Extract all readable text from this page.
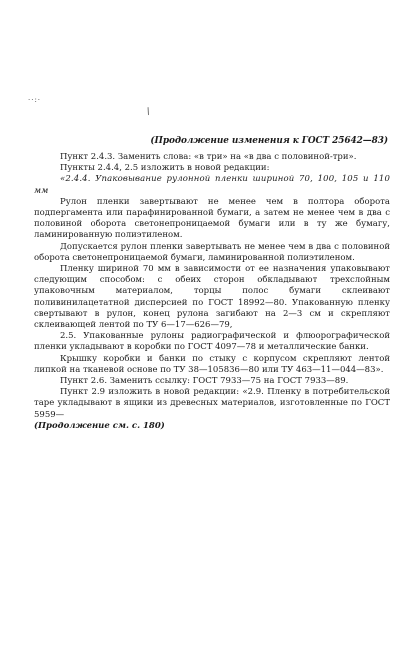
··:·
/
(Продолжение изменения к ГОСТ 25642—83)

Пункт 2.4.3. Заменить слова: «в три» на «в два с половиной-три».

Пункты 2.4.4, 2.5 изложить в новой редакции:

«2.4.4. Упаковывание рулонной пленки шириной 70, 100, 105 и 110 мм

Рулон пленки завертывают не менее чем в полтора оборота подпергамента или парафинированной бумаги, а затем не менее чем в два с половиной оборота светонепроницаемой бумаги или в ту же бумагу, ламинированную полиэтиленом.

Допускается рулон пленки завертывать не менее чем в два с половиной оборота светонепроницаемой бумаги, ламинированной полиэтиленом.

Пленку шириной 70 мм в зависимости от ее назначения упаковывают следующим способом: с обеих сторон обкладывают трехслойным упаковочным материалом, торцы полос бумаги склеивают поливинилацетатной дисперсией по ГОСТ 18992—80. Упакованную пленку свертывают в рулон, конец рулона загибают на 2—3 см и скрепляют склеивающей лентой по ТУ 6—17—626—79,

2.5. Упакованные рулоны радиографической и флюорографической пленки укладывают в коробки по ГОСТ 4097—78 и металлические банки.

Крышку коробки и банки по стыку с корпусом скрепляют лентой липкой на тканевой основе по ТУ 38—105836—80 или ТУ 463—11—044—83».

Пункт 2.6. Заменить ссылку: ГОСТ 7933—75 на ГОСТ 7933—89.

Пункт 2.9 изложить в новой редакции: «2.9. Пленку в потребительской таре укладывают в ящики из древесных материалов, изготовленные по ГОСТ 5959—

(Продолжение см. с. 180)
